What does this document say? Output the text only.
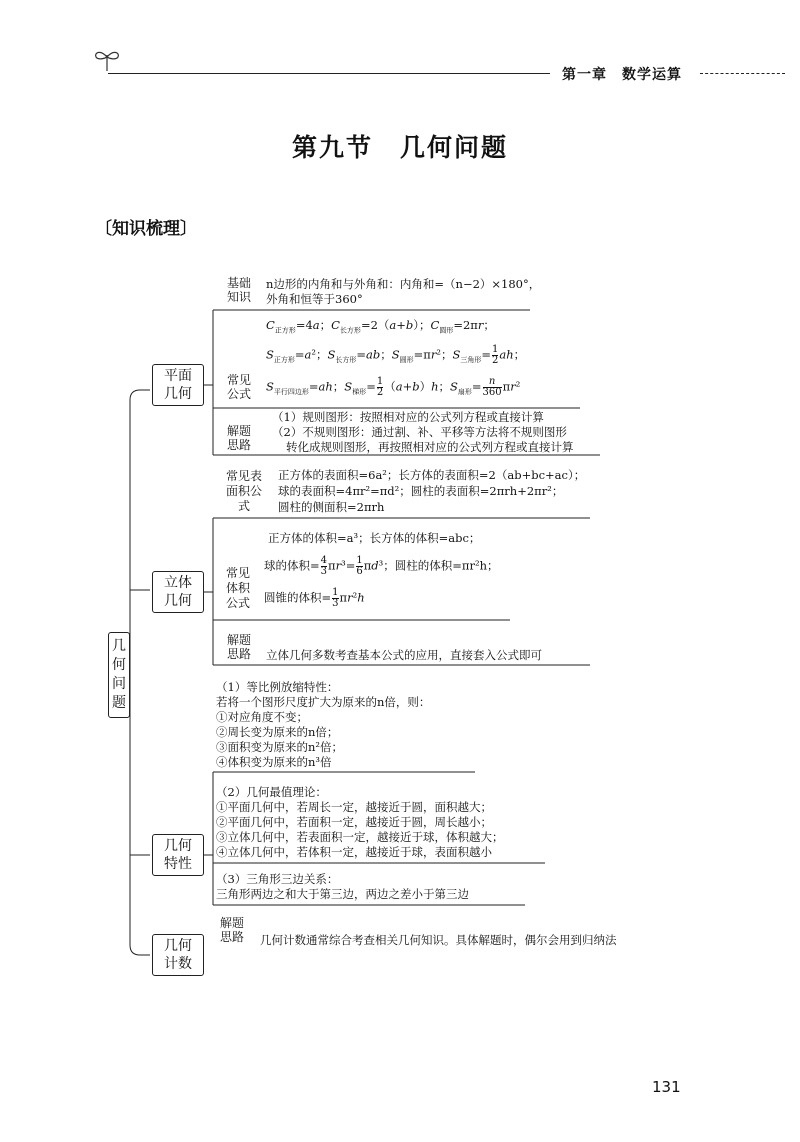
第一章　数学运算
第九节　几何问题
〔知识梳理〕
几何问题
平面几何
立体几何
几何特性
几何计数
基础知识
n边形的内角和与外角和：内角和=（n−2）×180°，
外角和恒等于360°
常见公式
$C_{正方形}=4a$；$C_{长方形}=2(a+b)$；$C_{圆形}=2\pi r$；
$S_{正方形}=a^2$；$S_{长方形}=ab$；$S_{圆形}=\pi r^2$；$S_{三角形}= \frac{1}{2}$ ah；
$S_{平行四边形}=ah$；$S_{梯形}= \frac{1}{2} (a+b)h$；$S_{扇形}= \frac{n}{360} \pi r^2$
解题思路
（1）规则图形：按照相对应的公式列方程或直接计算
（2）不规则图形：通过割、补、平移等方法将不规则图形
转化成规则图形，再按照相对应的公式列方程或直接计算
常见表面积公式
正方体的表面积=6a²；长方体的表面积=2（ab+bc+ac）；
球的表面积=4πr²=πd²；圆柱的表面积=2πrh+2πr²；
圆柱的侧面积=2πrh
常见体积公式
正方体的体积=a³；长方体的体积=abc；
球的体积= $\frac{4}{3} \pi r^3= \frac{1}{6} \pi d^3$；圆柱的体积=πr²h；
圆锥的体积= $\frac{1}{3} \pi r^2h$
解题思路 立体几何多数考查基本公式的应用，直接套入公式即可
（1）等比例放缩特性：
若将一个图形尺度扩大为原来的n倍，则：
①对应角度不变；
②周长变为原来的n倍；
③面积变为原来的n²倍；
④体积变为原来的n³倍
（2）几何最值理论：
①平面几何中，若周长一定，越接近于圆，面积越大；
②平面几何中，若面积一定，越接近于圆，周长越小；
③立体几何中，若表面积一定，越接近于球，体积越大；
④立体几何中，若体积一定，越接近于球，表面积越小
（3）三角形三边关系：
三角形两边之和大于第三边，两边之差小于第三边
解题思路 几何计数通常综合考查相关几何知识。具体解题时，偶尔会用到归纳法
131
